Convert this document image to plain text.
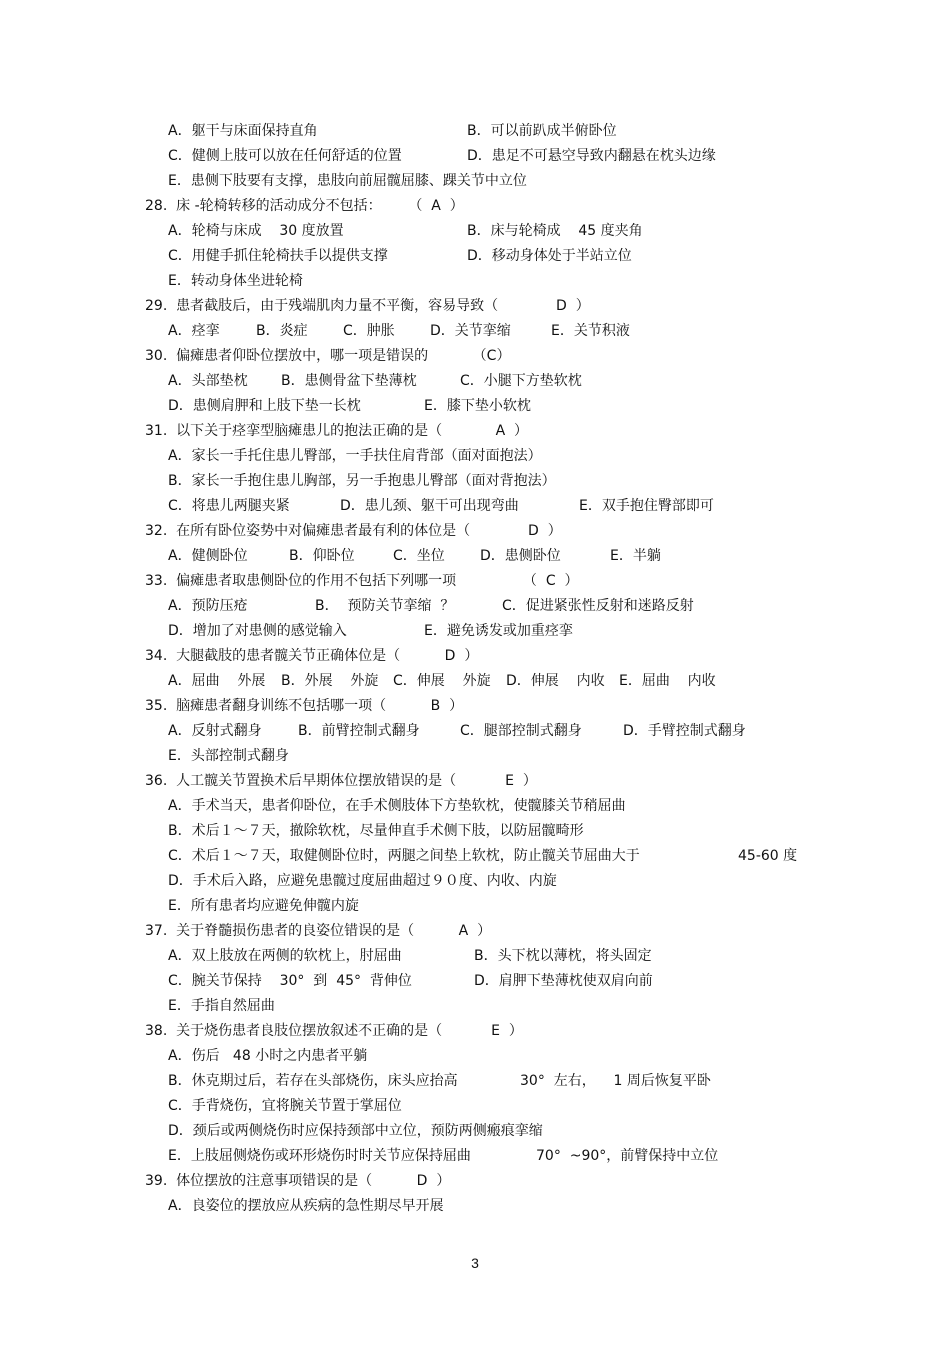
A．躯干与床面保持直角	B．可以前趴成半俯卧位
C．健侧上肢可以放在任何舒适的位置	D．患足不可悬空导致内翻悬在枕头边缘
E．患侧下肢要有支撑，患肢向前屈髋屈膝、踝关节中立位
28.  床 -轮椅转移的活动成分不包括：      （  A  ）
A．轮椅与床成    30 度放置	B．床与轮椅成    45 度夹角
C．用健手抓住轮椅扶手以提供支撑	D．移动身体处于半站立位
E．转动身体坐进轮椅
29.  患者截肢后，由于残端肌肉力量不平衡，容易导致（             D  ）
A．痉挛	B．炎症	C．肿胀	D．关节挛缩	E．关节积液
30.  偏瘫患者仰卧位摆放中，哪一项是错误的          （C）
A．头部垫枕 B．患侧骨盆下垫薄枕	C．小腿下方垫软枕
D．患侧肩胛和上肢下垫一长枕	E．膝下垫小软枕
31.  以下关于痉挛型脑瘫患儿的抱法正确的是（            A  ）
A．家长一手托住患儿臀部，一手扶住肩背部（面对面抱法）
B．家长一手抱住患儿胸部，另一手抱患儿臀部（面对背抱法）
C．将患儿两腿夹紧	D．患儿颈、躯干可出现弯曲	E．双手抱住臀部即可
32.  在所有卧位姿势中对偏瘫患者最有利的体位是（             D  ）
A．健侧卧位	B．仰卧位	C．坐位	D．患侧卧位	E．半躺
33.  偏瘫患者取患侧卧位的作用不包括下列哪一项               （  C  ）
A．预防压疮	B．  预防关节挛缩  ？	C．促进紧张性反射和迷路反射
D．增加了对患侧的感觉输入	E．避免诱发或加重痉挛
34.  大腿截肢的患者髋关节正确体位是（          D  ）
A．屈曲    外展 B．外展    外旋 C．伸展    外旋 D．伸展    内收 E．屈曲    内收
35.  脑瘫患者翻身训练不包括哪一项（          B  ）
A．反射式翻身	B．前臂控制式翻身	C．腿部控制式翻身	D．手臂控制式翻身
E．头部控制式翻身
36.  人工髋关节置换术后早期体位摆放错误的是（           E  ）
A．手术当天，患者仰卧位，在手术侧肢体下方垫软枕，使髋膝关节稍屈曲
B．术后１～７天，撤除软枕，尽量伸直手术侧下肢，以防屈髋畸形
C．术后１～７天，取健侧卧位时，两腿之间垫上软枕，防止髋关节屈曲大于	45-60 度
D．手术后入路，应避免患髋过度屈曲超过９０度、内收、内旋
E．所有患者均应避免伸髋内旋
37.  关于脊髓损伤患者的良姿位错误的是（          A  ）
A．双上肢放在两侧的软枕上，肘屈曲	B．头下枕以薄枕，将头固定
C．腕关节保持    30°  到  45°  背伸位	D．肩胛下垫薄枕使双肩向前
E．手指自然屈曲
38.  关于烧伤患者良肢位摆放叙述不正确的是（           E  ）
A．伤后   48 小时之内患者平躺
B．休克期过后，若存在头部烧伤，床头应抬高	30°  左右，    1 周后恢复平卧
C．手背烧伤，宜将腕关节置于掌屈位
D．颈后或两侧烧伤时应保持颈部中立位，预防两侧瘢痕挛缩
E．上肢屈侧烧伤或环形烧伤时时关节应保持屈曲	70°  ~90°，前臂保持中立位
39.  体位摆放的注意事项错误的是（          D  ）
A．良姿位的摆放应从疾病的急性期尽早开展
3
